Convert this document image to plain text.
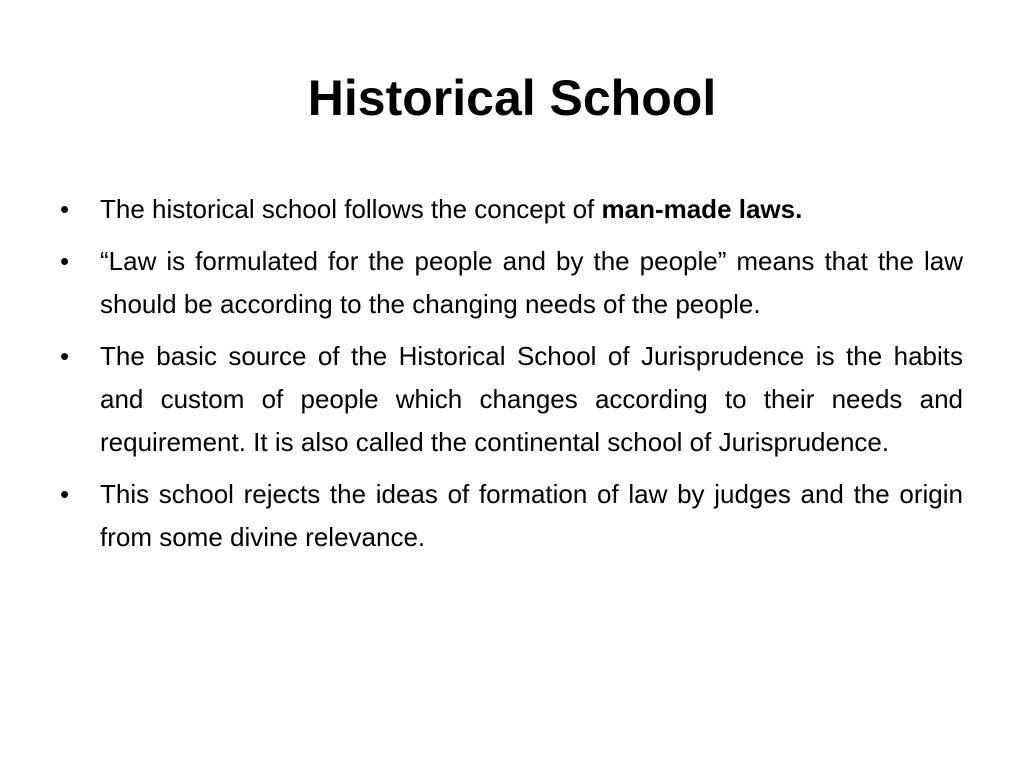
Historical School
• The historical school follows the concept of man-made laws.
• “Law is formulated for the people and by the people” means that the law should be according to the changing needs of the people.
• The basic source of the Historical School of Jurisprudence is the habits and custom of people which changes according to their needs and requirement. It is also called the continental school of Jurisprudence.
• This school rejects the ideas of formation of law by judges and the origin from some divine relevance.
